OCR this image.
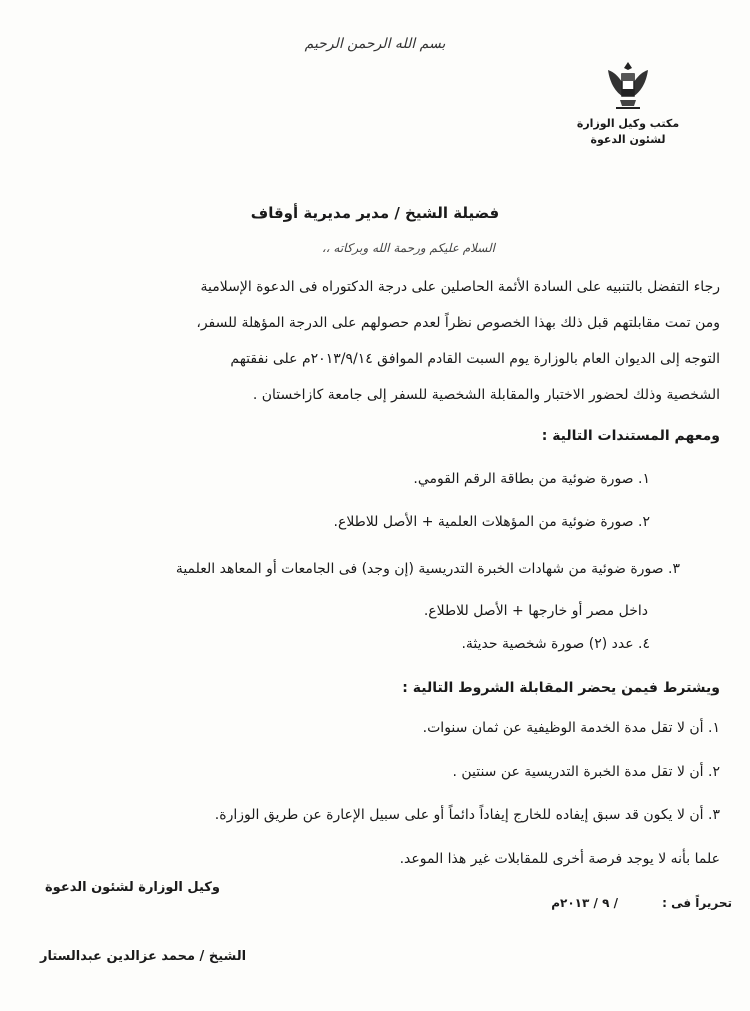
بسم الله الرحمن الرحيم
مكتب وكيل الوزارة
لشئون الدعوة
فضيلة الشيخ / مدير مديرية أوقاف
السلام عليكم ورحمة الله وبركاته ،،
رجاء التفضل بالتنبيه على السادة الأئمة الحاصلين على درجة الدكتوراه فى الدعوة الإسلامية
ومن تمت مقابلتهم قبل ذلك بهذا الخصوص نظراً لعدم حصولهم على الدرجة المؤهلة للسفر،
التوجه إلى الديوان العام بالوزارة يوم السبت القادم الموافق ٢٠١٣/٩/١٤م على نفقتهم
الشخصية وذلك لحضور الاختبار والمقابلة الشخصية للسفر إلى جامعة كازاخستان .
ومعهم المستندات التالية :
١. صورة ضوئية من بطاقة الرقم القومي.
٢. صورة ضوئية من المؤهلات العلمية + الأصل للاطلاع.
٣. صورة ضوئية من شهادات الخبرة التدريسية (إن وجد) فى الجامعات أو المعاهد العلمية
داخل مصر أو خارجها + الأصل للاطلاع.
٤. عدد (٢) صورة شخصية حديثة.
ويشترط فيمن يحضر المقابلة الشروط التالية :
١. أن لا تقل مدة الخدمة الوظيفية عن ثمان سنوات.
٢. أن لا تقل مدة الخبرة التدريسية عن سنتين .
٣. أن لا يكون قد سبق إيفاده للخارج إيفاداً دائماً أو على سبيل الإعارة عن طريق الوزارة.
علما بأنه لا يوجد فرصة أخرى للمقابلات غير هذا الموعد.
تحريراً فى : / ٩ / ٢٠١٣م
وكيل الوزارة لشئون الدعوة
الشيخ / محمد عزالدين عبدالستار
